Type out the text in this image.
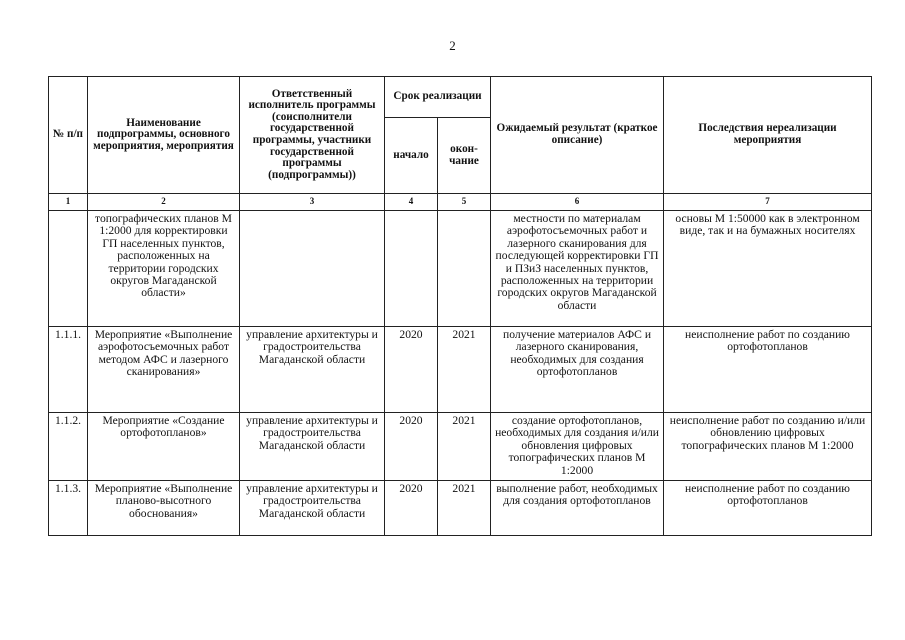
2
№ п/п	Наименование подпрограммы, основного мероприятия, мероприятия	Ответственный исполнитель программы (соисполнители государственной программы, участники государственной программы (подпрограммы))	Срок реализации		Ожидаемый результат (краткое описание)	Последствия нереализации мероприятия
			начало	окон-чание		
1	2	3	4	5	6	7
	топографических планов М 1:2000 для корректировки ГП населенных пунктов, расположенных на территории городских округов Магаданской области»				местности по материалам аэрофотосъемочных работ и лазерного сканирования для последующей корректировки ГП и ПЗиЗ населенных пунктов, расположенных на территории городских округов Магаданской области	основы М 1:50000 как в электронном виде, так и на бумажных носителях
1.1.1.	Мероприятие «Выполнение аэрофотосъемочных работ методом АФС и лазерного сканирования»	управление архитектуры и градостроительства Магаданской области	2020	2021	получение материалов АФС и лазерного сканирования, необходимых для создания ортофотопланов	неисполнение работ по созданию ортофотопланов
1.1.2.	Мероприятие «Создание ортофотопланов»	управление архитектуры и градостроительства Магаданской области	2020	2021	создание ортофотопланов, необходимых для создания и/или обновления цифровых топографических планов М 1:2000	неисполнение работ по созданию и/или обновлению цифровых топографических планов М 1:2000
1.1.3.	Мероприятие «Выполнение планово-высотного обоснования»	управление архитектуры и градостроительства Магаданской области	2020	2021	выполнение работ, необходимых для создания ортофотопланов	неисполнение работ по созданию ортофотопланов
